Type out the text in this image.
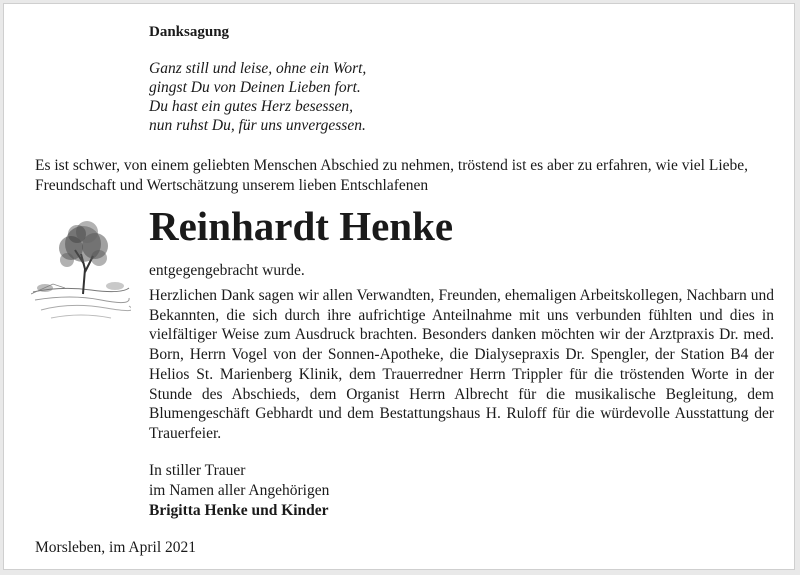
Danksagung
Ganz still und leise, ohne ein Wort,
gingst Du von Deinen Lieben fort.
Du hast ein gutes Herz besessen,
nun ruhst Du, für uns unvergessen.
Es ist schwer, von einem geliebten Menschen Abschied zu nehmen, tröstend ist es aber zu erfahren, wie viel Liebe, Freundschaft und Wertschätzung unserem lieben Entschlafenen
Reinhardt Henke
entgegengebracht wurde.
Herzlichen Dank sagen wir allen Verwandten, Freunden, ehemaligen Arbeitskollegen, Nachbarn und Bekannten, die sich durch ihre aufrichtige Anteilnahme mit uns verbunden fühlten und dies in vielfältiger Weise zum Ausdruck brachten. Besonders danken möchten wir der Arztpraxis Dr. med. Born, Herrn Vogel von der Sonnen-Apotheke, die Dialysepraxis Dr. Spengler, der Station B4 der Helios St. Marienberg Klinik, dem Trauerredner Herrn Trippler für die tröstenden Worte in der Stunde des Abschieds, dem Organist Herrn Albrecht für die musikalische Begleitung, dem Blumengeschäft Gebhardt und dem Bestattungshaus H. Ruloff für die würdevolle Ausstattung der Trauerfeier.
In stiller Trauer
im Namen aller Angehörigen
Brigitta Henke und Kinder
Morsleben, im April 2021
